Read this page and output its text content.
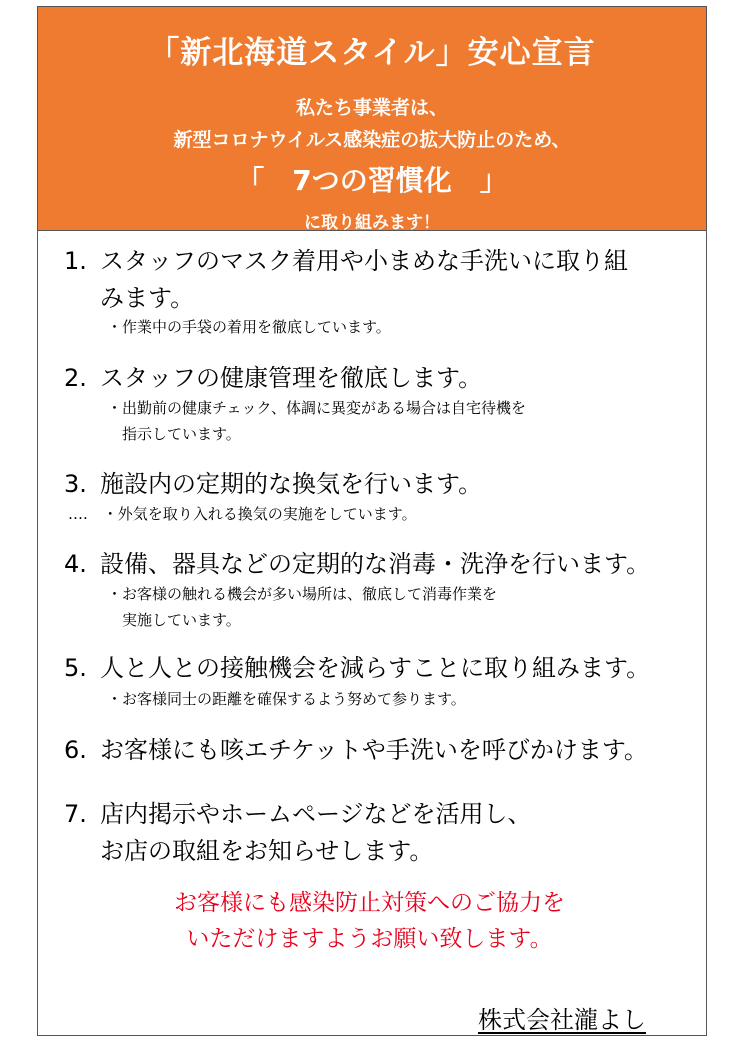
「新北海道スタイル」安心宣言
私たち事業者は、
新型コロナウイルス感染症の拡大防止のため、
「　7つの習慣化　」
に取り組みます！
1. スタッフのマスク着用や小まめな手洗いに取り組
みます。
・作業中の手袋の着用を徹底しています。
2. スタッフの健康管理を徹底します。
・出勤前の健康チェック、体調に異変がある場合は自宅待機を
　指示しています。
3. 施設内の定期的な換気を行います。
….　・外気を取り入れる換気の実施をしています。
4. 設備、器具などの定期的な消毒・洗浄を行います。
・お客様の触れる機会が多い場所は、徹底して消毒作業を
　実施しています。
5. 人と人との接触機会を減らすことに取り組みます。
・お客様同士の距離を確保するよう努めて参ります。
6. お客様にも咳エチケットや手洗いを呼びかけます。
7. 店内掲示やホームページなどを活用し、
お店の取組をお知らせします。
お客様にも感染防止対策へのご協力を
いただけますようお願い致します。
株式会社瀧よし
